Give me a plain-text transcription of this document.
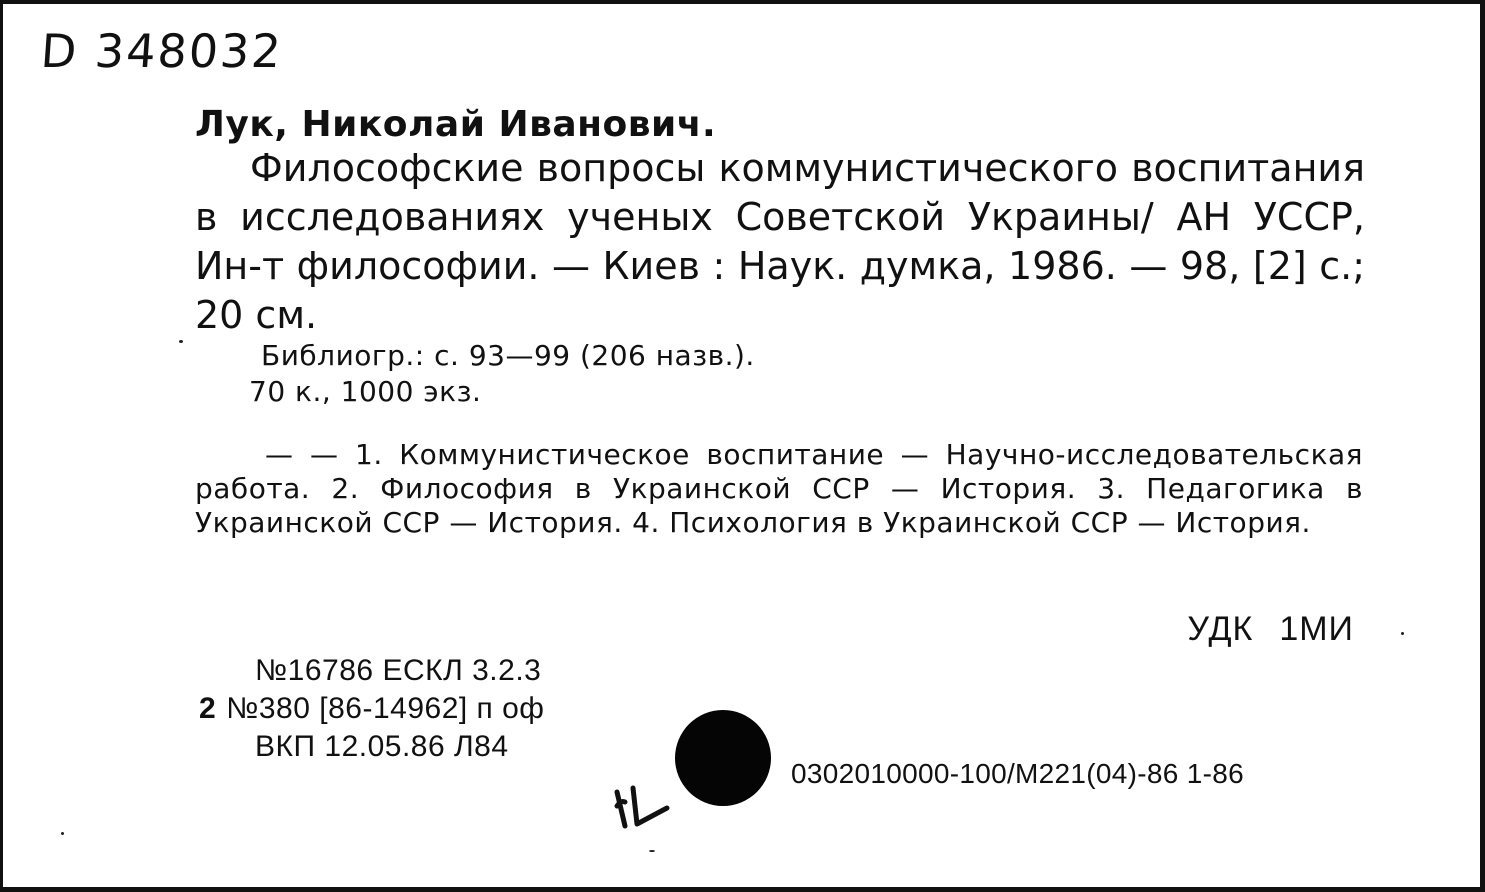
D 348032
Лук, Николай Иванович.
Философские вопросы коммунистического воспитания в исследованиях ученых Советской Украины/ АН УССР, Ин-т философии. — Киев : Наук. думка, 1986. — 98, [2] с.; 20 см.
Библиогр.: с. 93—99 (206 назв.).
70 к., 1000 экз.
— — 1. Коммунистическое воспитание — Научно-исследовательская работа. 2. Философия в Украинской ССР — История. 3. Педагогика в Украинской ССР — История. 4. Психология в Украинской ССР — История.
УДК 1МИ
№16786 ЕСКЛ 3.2.3
2 №380 [86-14962] п оф
ВКП 12.05.86 Л84
0302010000-100/М221(04)-86 1-86
